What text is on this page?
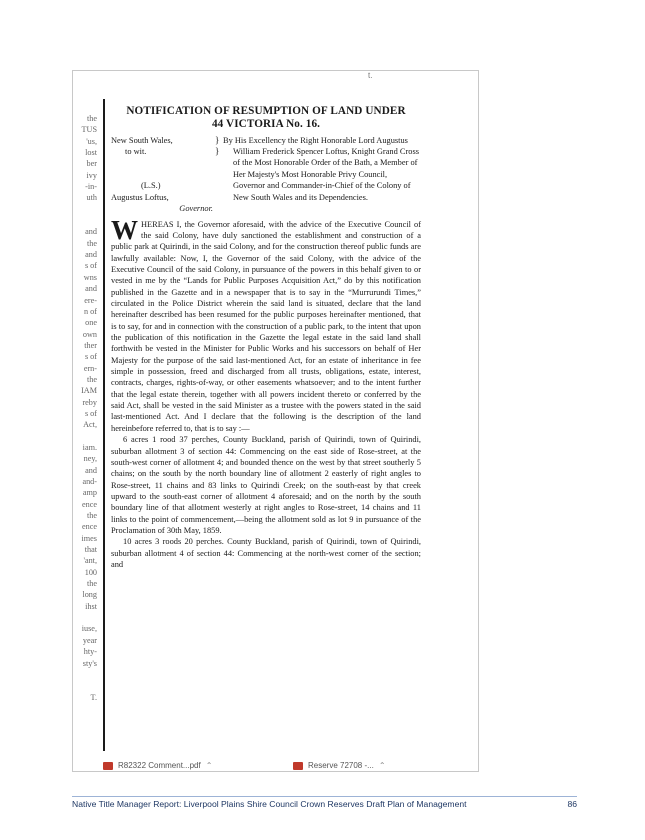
t.
the
TUS
'us,
lost
ber
ivy
-in-
uth
and
the
and
s of
wns
and
ere-
n of
one
own
ther
s of
ern-
the
IAM
reby
s of
Act,
iam.
ney,
and
and-
amp
ence
the
ence
imes
that
'ant,
100
the
long
ihst
iuse,
year
hty-
sty's
T.

NOTIFICATION OF RESUMPTION OF LAND UNDER
44 VICTORIA No. 16.

New South Wales,
to wit.
(L.S.)
Augustus Loftus,
Governor.
}
}
By His Excellency the Right Honorable Lord Augustus William Frederick Spencer Loftus, Knight Grand Cross of the Most Honorable Order of the Bath, a Member of Her Majesty's Most Honorable Privy Council, Governor and Commander-in-Chief of the Colony of New South Wales and its Dependencies.

WHEREAS I, the Governor aforesaid, with the advice of the Executive Council of the said Colony, have duly sanctioned the establishment and construction of a public park at Quirindi, in the said Colony, and for the construction thereof public funds are lawfully available: Now, I, the Governor of the said Colony, with the advice of the Executive Council of the said Colony, in pursuance of the powers in this behalf given to or vested in me by the “Lands for Public Purposes Acquisition Act,” do by this notification published in the Gazette and in a newspaper that is to say in the “Murrurundi Times,” circulated in the Police District wherein the said land is situated, declare that the land hereinafter described has been resumed for the public purposes hereinafter mentioned, that is to say, for and in connection with the construction of a public park, to the intent that upon the publication of this notification in the Gazette the legal estate in the said land shall forthwith be vested in the Minister for Public Works and his successors on behalf of Her Majesty for the purpose of the said last-mentioned Act, for an estate of inheritance in fee simple in possession, freed and discharged from all trusts, obligations, estate, interest, contracts, charges, rights-of-way, or other easements whatsoever; and to the intent further that the legal estate therein, together with all powers incident thereto or conferred by the said Act, shall be vested in the said Minister as a trustee with the powers stated in the said last-mentioned Act. And I declare that the following is the description of the land hereinbefore referred to, that is to say :—

6 acres 1 rood 37 perches, County Buckland, parish of Quirindi, town of Quirindi, suburban allotment 3 of section 44: Commencing on the east side of Rose-street, at the south-west corner of allotment 4; and bounded thence on the west by that street southerly 5 chains; on the south by the north boundary line of allotment 2 easterly of right angles to Rose-street, 11 chains and 83 links to Quirindi Creek; on the south-east by that creek upward to the south-east corner of allotment 4 aforesaid; and on the north by the south boundary line of that allotment westerly at right angles to Rose-street, 14 chains and 11 links to the point of commencement,—being the allotment sold as lot 9 in pursuance of the Proclamation of 30th May, 1859.

10 acres 3 roods 20 perches. County Buckland, parish of Quirindi, town of Quirindi, suburban allotment 4 of section 44: Commencing at the north-west corner of the section; and

R82322 Comment...pdf ⌃	Reserve 72708 -... ⌃
Native Title Manager Report: Liverpool Plains Shire Council Crown Reserves Draft Plan of Management	86
